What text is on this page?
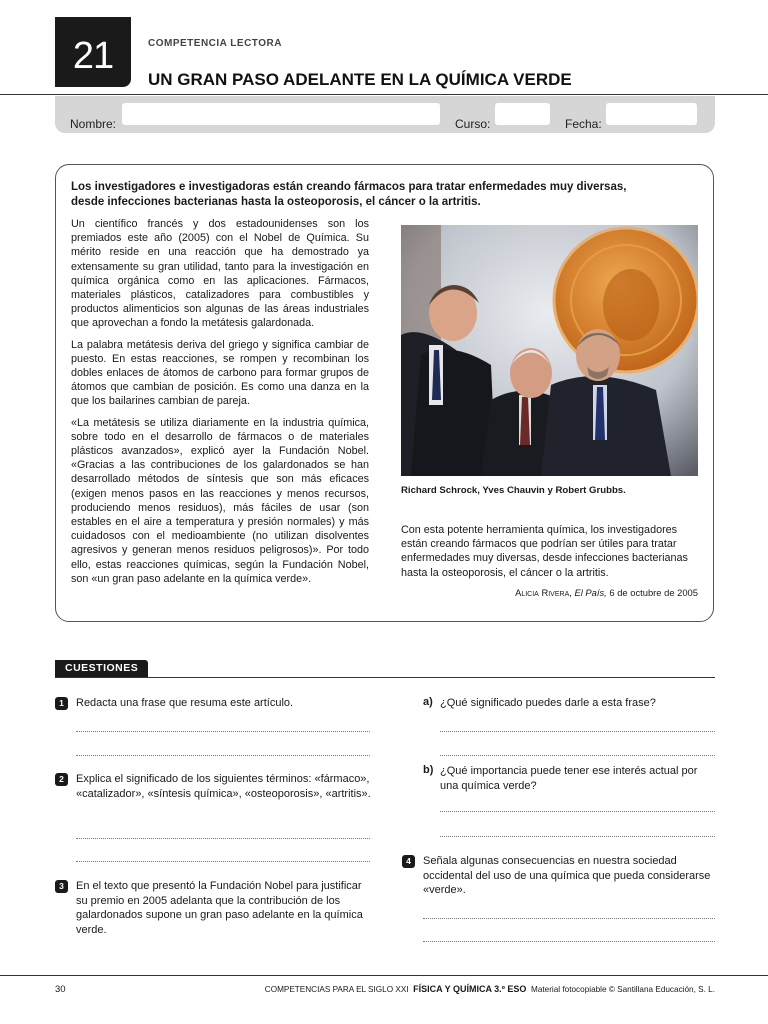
21	COMPETENCIA LECTORA
UN GRAN PASO ADELANTE EN LA QUÍMICA VERDE
Nombre:	Curso:	Fecha:
Los investigadores e investigadoras están creando fármacos para tratar enfermedades muy diversas, desde infecciones bacterianas hasta la osteoporosis, el cáncer o la artritis.

Un científico francés y dos estadounidenses son los premiados este año (2005) con el Nobel de Química. Su mérito reside en una reacción que ha demostrado ya extensamente su gran utilidad, tanto para la investigación en química orgánica como en las aplicaciones. Fármacos, materiales plásticos, catalizadores para combustibles y productos alimenticios son algunas de las áreas industriales que aprovechan a fondo la metátesis galardonada.

La palabra metátesis deriva del griego y significa cambiar de puesto. En estas reacciones, se rompen y recombinan los dobles enlaces de átomos de carbono para formar grupos de átomos que cambian de posición. Es como una danza en la que los bailarines cambian de pareja.

«La metátesis se utiliza diariamente en la industria química, sobre todo en el desarrollo de fármacos o de materiales plásticos avanzados», explicó ayer la Fundación Nobel. «Gracias a las contribuciones de los galardonados se han desarrollado métodos de síntesis que son más eficaces (exigen menos pasos en las reacciones y menos recursos, produciendo menos residuos), más fáciles de usar (son estables en el aire a temperatura y presión normales) y más cuidadosos con el medioambiente (no utilizan disolventes agresivos y generan menos residuos peligrosos)». Por todo ello, estas reacciones químicas, según la Fundación Nobel, son «un gran paso adelante en la química verde».

Richard Schrock, Yves Chauvin y Robert Grubbs.
Con esta potente herramienta química, los investigadores están creando fármacos que podrían ser útiles para tratar enfermedades muy diversas, desde infecciones bacterianas hasta la osteoporosis, el cáncer o la artritis.
Alicia Rivera, El País, 6 de octubre de 2005
CUESTIONES
1	Redacta una frase que resuma este artículo.
2	Explica el significado de los siguientes términos: «fármaco», «catalizador», «síntesis química», «osteoporosis», «artritis».
3	En el texto que presentó la Fundación Nobel para justificar su premio en 2005 adelanta que la contribución de los galardonados supone un gran paso adelante en la química verde.
a) ¿Qué significado puedes darle a esta frase?
b) ¿Qué importancia puede tener ese interés actual por una química verde?
4	Señala algunas consecuencias en nuestra sociedad occidental del uso de una química que pueda considerarse «verde».
30	COMPETENCIAS PARA EL SIGLO XXI FÍSICA Y QUÍMICA 3.º ESO Material fotocopiable © Santillana Educación, S. L.
